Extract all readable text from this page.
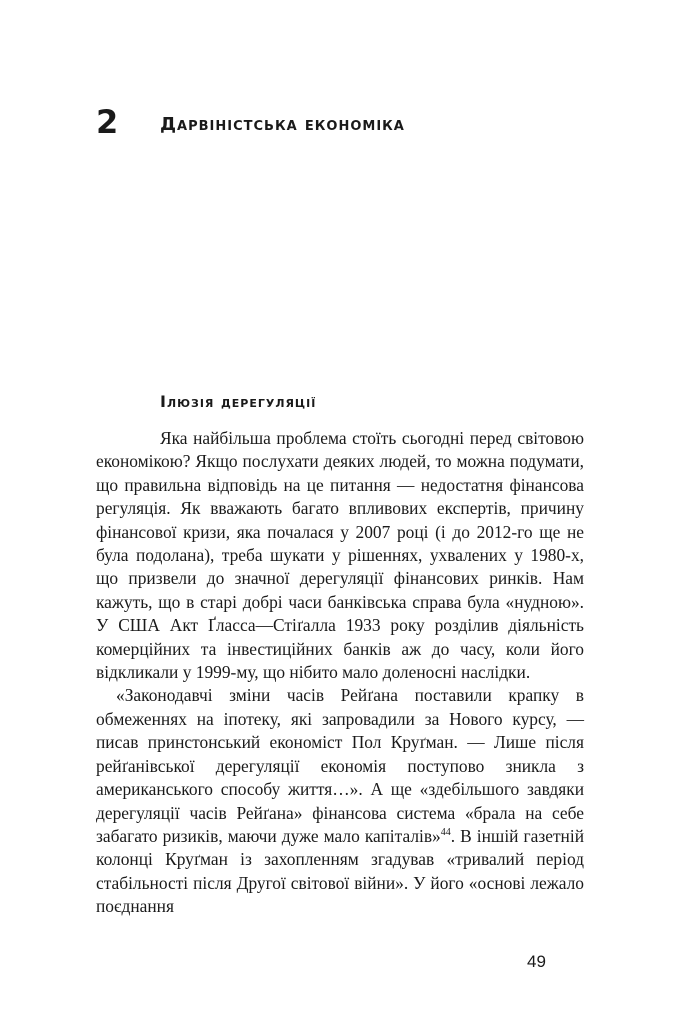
2 Дарвіністська економіка
Ілюзія дерегуляції

Яка найбільша проблема стоїть сьогодні перед світовою економікою? Якщо послухати деяких людей, то можна подумати, що правильна відповідь на це питання — недостатня фінансова регуляція. Як вважають багато впливових експертів, причину фінансової кризи, яка почалася у 2007 році (і до 2012-го ще не була подолана), треба шукати у рішеннях, ухвалених у 1980-х, що призвели до значної дерегуляції фінансових ринків. Нам кажуть, що в старі добрі часи банківська справа була «нудною». У США Акт Ґласса—Стіґалла 1933 року розділив діяльність комерційних та інвестиційних банків аж до часу, коли його відкликали у 1999-му, що нібито мало доленосні наслідки.

«Законодавчі зміни часів Рейґана поставили крапку в обмеженнях на іпотеку, які запровадили за Нового курсу, — писав принстонський економіст Пол Круґман. — Лише після рейґанівської дерегуляції економія поступово зникла з американського способу життя…». А ще «здебільшого завдяки дерегуляції часів Рейґана» фінансова система «брала на себе забагато ризиків, маючи дуже мало капіталів»$^{44}$. В іншій газетній колонці Круґман із захопленням згадував «тривалий період стабільності після Другої світової війни». У його «основі лежало поєднання

49
